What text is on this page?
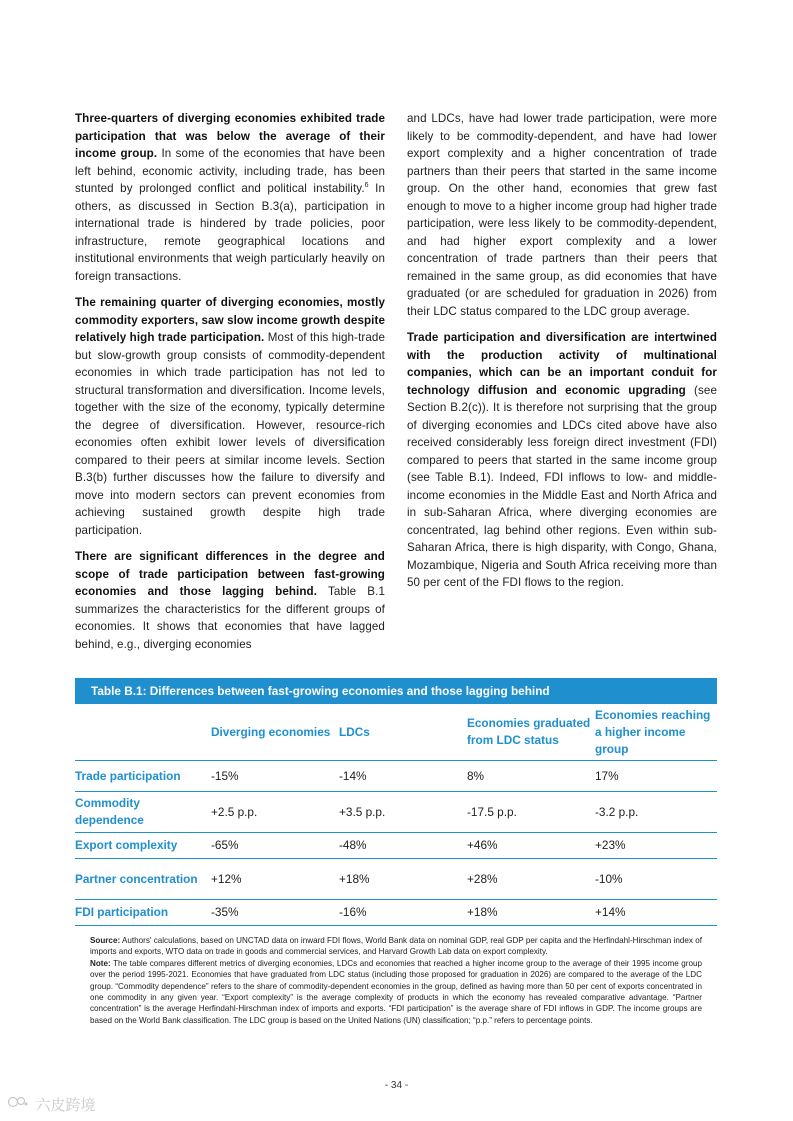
Three-quarters of diverging economies exhibited trade participation that was below the average of their income group. In some of the economies that have been left behind, economic activity, including trade, has been stunted by prolonged conflict and political instability.$^6$ In others, as discussed in Section B.3(a), participation in international trade is hindered by trade policies, poor infrastructure, remote geographical locations and institutional environments that weigh particularly heavily on foreign transactions.

The remaining quarter of diverging economies, mostly commodity exporters, saw slow income growth despite relatively high trade participation. Most of this high-trade but slow-growth group consists of commodity-dependent economies in which trade participation has not led to structural transformation and diversification. Income levels, together with the size of the economy, typically determine the degree of diversification. However, resource-rich economies often exhibit lower levels of diversification compared to their peers at similar income levels. Section B.3(b) further discusses how the failure to diversify and move into modern sectors can prevent economies from achieving sustained growth despite high trade participation.

There are significant differences in the degree and scope of trade participation between fast-growing economies and those lagging behind. Table B.1 summarizes the characteristics for the different groups of economies. It shows that economies that have lagged behind, e.g., diverging economies

and LDCs, have had lower trade participation, were more likely to be commodity-dependent, and have had lower export complexity and a higher concentration of trade partners than their peers that started in the same income group. On the other hand, economies that grew fast enough to move to a higher income group had higher trade participation, were less likely to be commodity-dependent, and had higher export complexity and a lower concentration of trade partners than their peers that remained in the same group, as did economies that have graduated (or are scheduled for graduation in 2026) from their LDC status compared to the LDC group average.

Trade participation and diversification are intertwined with the production activity of multinational companies, which can be an important conduit for technology diffusion and economic upgrading (see Section B.2(c)). It is therefore not surprising that the group of diverging economies and LDCs cited above have also received considerably less foreign direct investment (FDI) compared to peers that started in the same income group (see Table B.1). Indeed, FDI inflows to low- and middle-income economies in the Middle East and North Africa and in sub-Saharan Africa, where diverging economies are concentrated, lag behind other regions. Even within sub-Saharan Africa, there is high disparity, with Congo, Ghana, Mozambique, Nigeria and South Africa receiving more than 50 per cent of the FDI flows to the region.

Table B.1: Differences between fast-growing economies and those lagging behind
	Diverging economies	LDCs	Economies graduated from LDC status	Economies reaching a higher income group
Trade participation	-15%	-14%	8%	17%
Commodity dependence	+2.5 p.p.	+3.5 p.p.	-17.5 p.p.	-3.2 p.p.
Export complexity	-65%	-48%	+46%	+23%
Partner concentration	+12%	+18%	+28%	-10%
FDI participation	-35%	-16%	+18%	+14%

Source: Authors' calculations, based on UNCTAD data on inward FDI flows, World Bank data on nominal GDP, real GDP per capita and the Herfindahl-Hirschman index of imports and exports, WTO data on trade in goods and commercial services, and Harvard Growth Lab data on export complexity.

Note: The table compares different metrics of diverging economies, LDCs and economies that reached a higher income group to the average of their 1995 income group over the period 1995-2021. Economies that have graduated from LDC status (including those proposed for graduation in 2026) are compared to the average of the LDC group. “Commodity dependence” refers to the share of commodity-dependent economies in the group, defined as having more than 50 per cent of exports concentrated in one commodity in any given year. “Export complexity” is the average complexity of products in which the economy has revealed comparative advantage. “Partner concentration” is the average Herfindahl-Hirschman index of imports and exports. “FDI participation” is the average share of FDI inflows in GDP. The income groups are based on the World Bank classification. The LDC group is based on the United Nations (UN) classification; “p.p.” refers to percentage points.

- 34 -
六皮跨境
